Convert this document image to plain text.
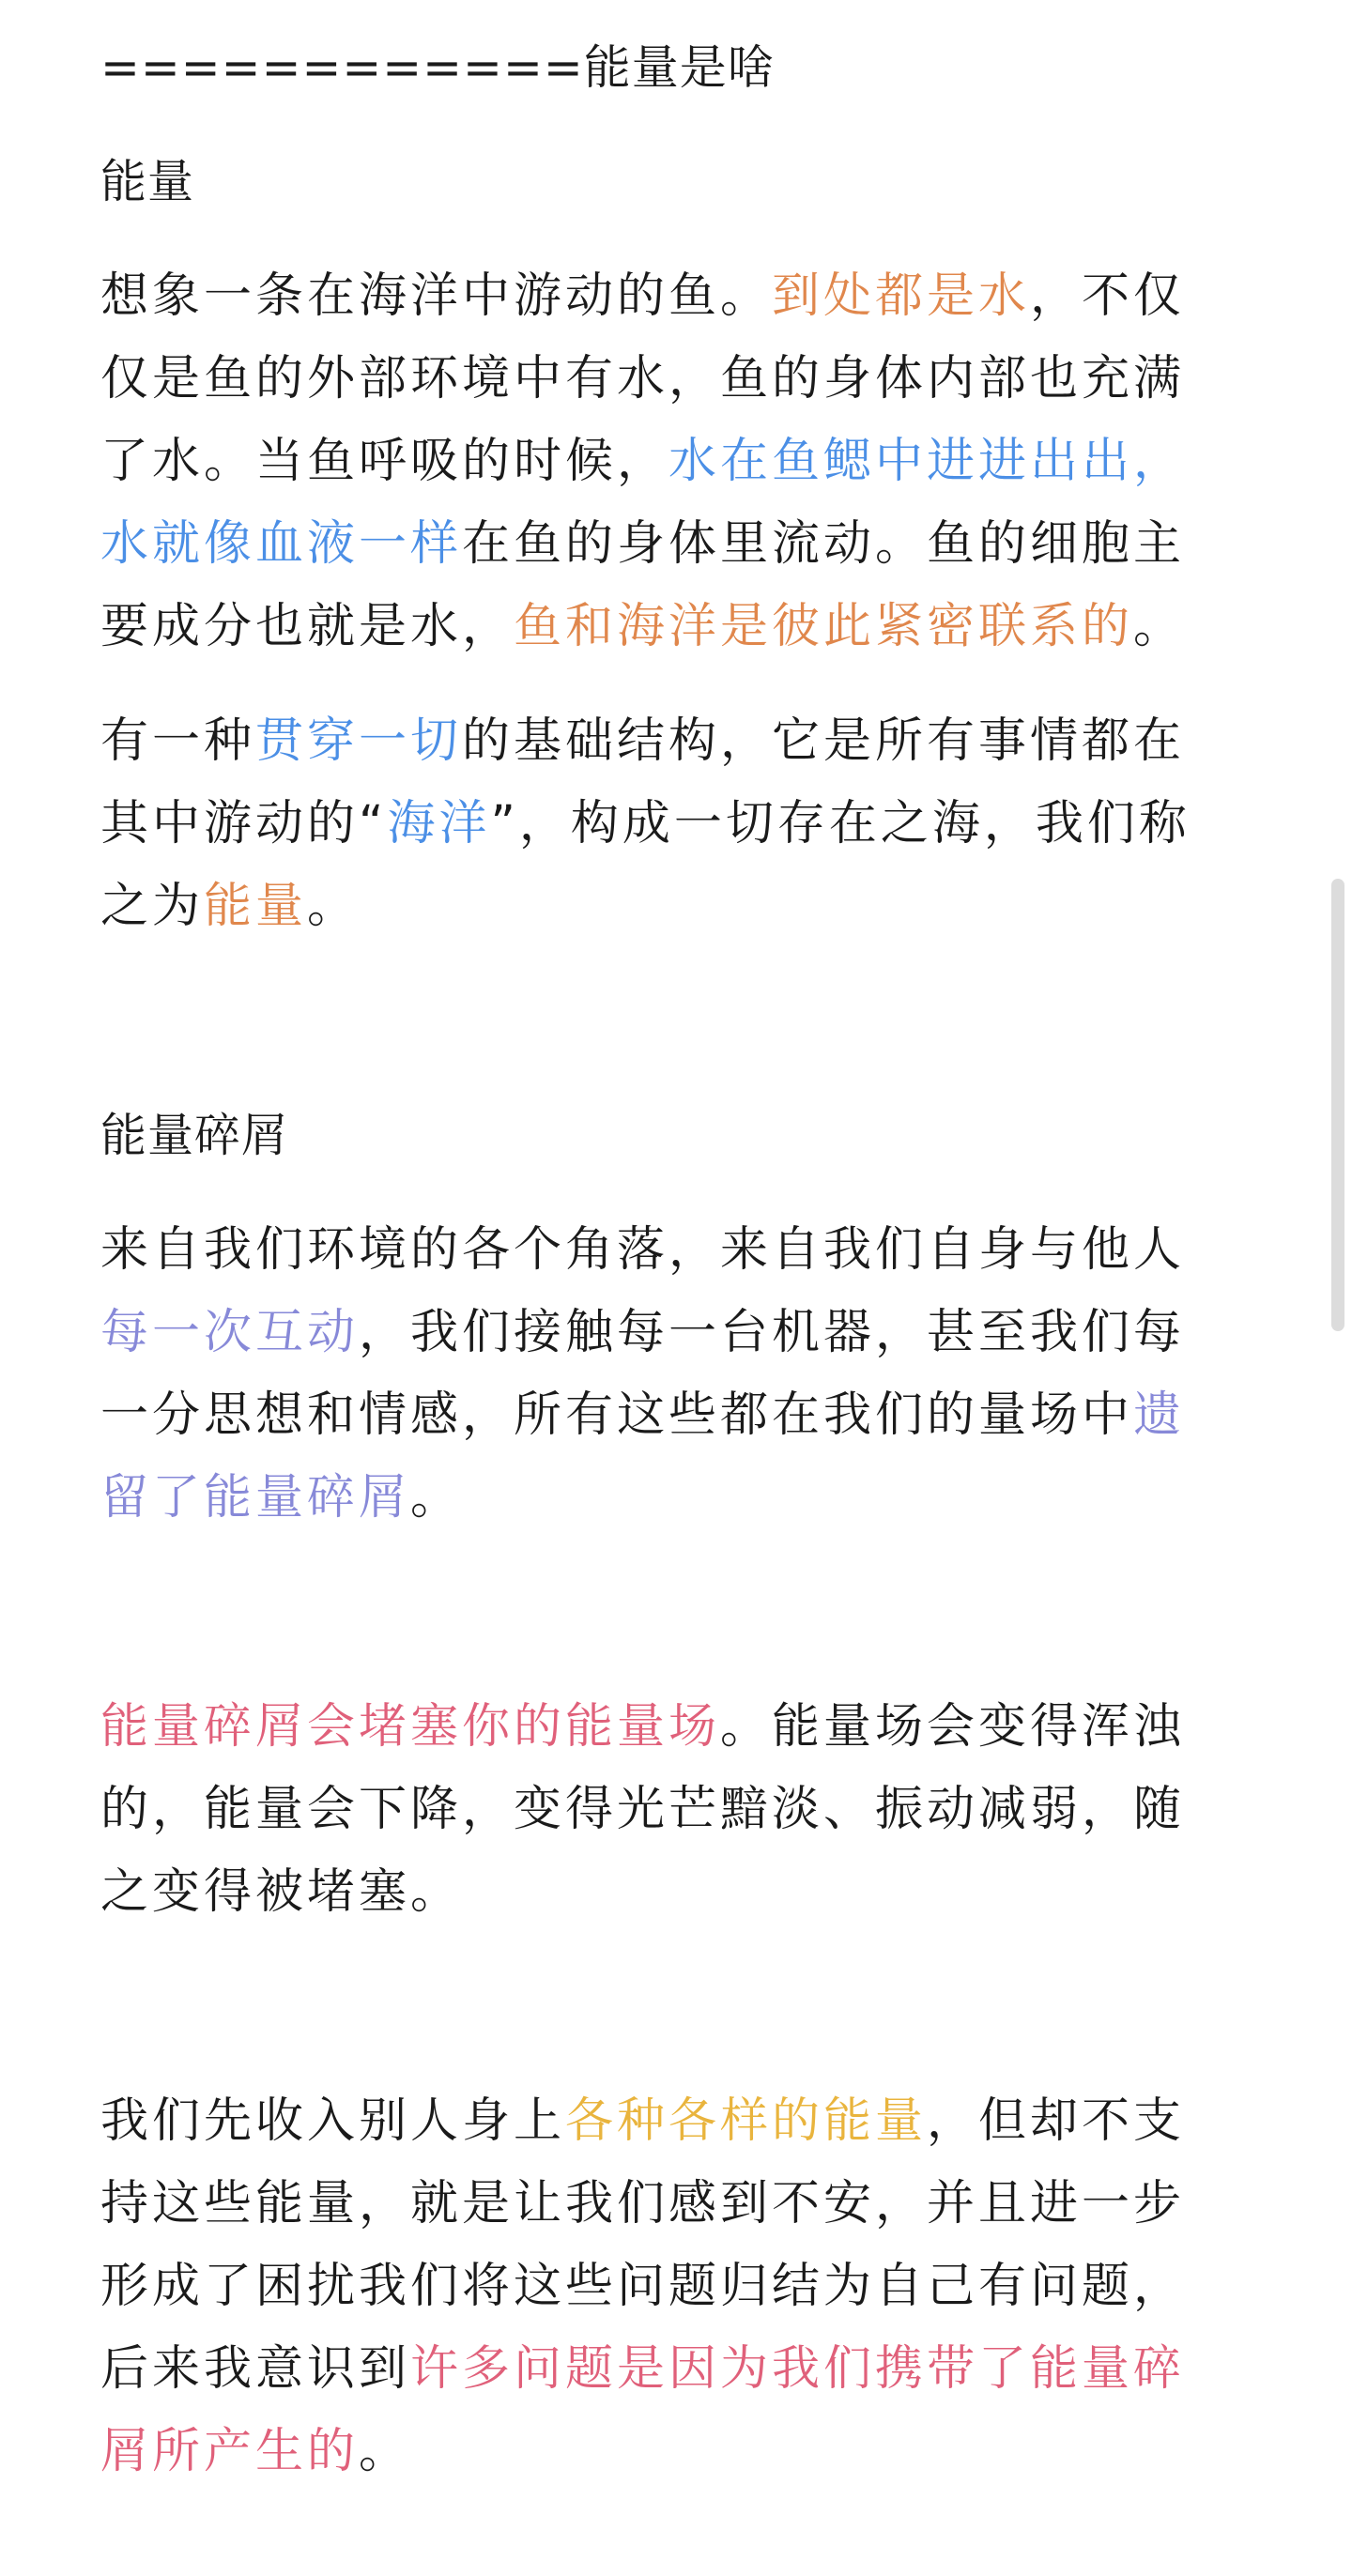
============能量是啥
能量
想象一条在海洋中游动的鱼。到处都是水，不仅
仅是鱼的外部环境中有水，鱼的身体内部也充满
了水。当鱼呼吸的时候，水在鱼鳃中进进出出，
水就像血液一样在鱼的身体里流动。鱼的细胞主
要成分也就是水，鱼和海洋是彼此紧密联系的。
有一种贯穿一切的基础结构，它是所有事情都在
其中游动的“海洋”，构成一切存在之海，我们称
之为能量。
能量碎屑
来自我们环境的各个角落，来自我们自身与他人
每一次互动，我们接触每一台机器，甚至我们每
一分思想和情感，所有这些都在我们的量场中遗
留了能量碎屑。
能量碎屑会堵塞你的能量场。能量场会变得浑浊
的，能量会下降，变得光芒黯淡、振动减弱，随
之变得被堵塞。
我们先收入别人身上各种各样的能量，但却不支
持这些能量，就是让我们感到不安，并且进一步
形成了困扰我们将这些问题归结为自己有问题，
后来我意识到许多问题是因为我们携带了能量碎
屑所产生的。
